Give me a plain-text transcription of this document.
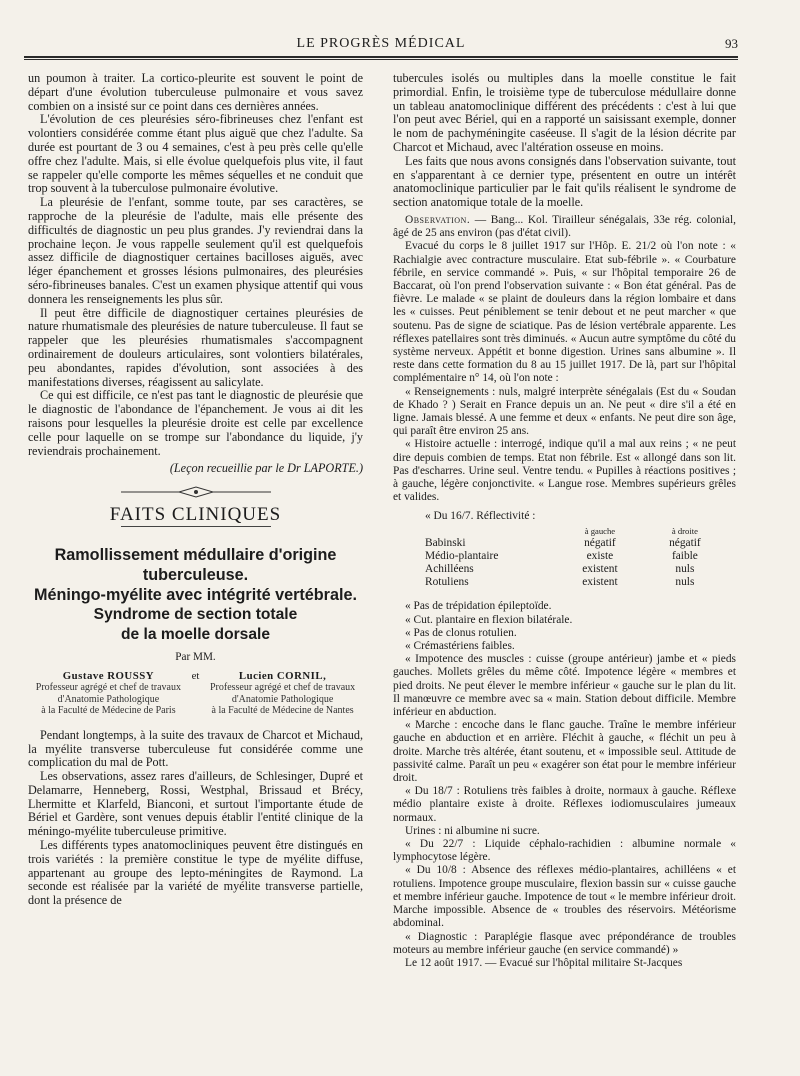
LE PROGRÈS MÉDICAL	93

un poumon à traiter. La cortico-pleurite est souvent le point de départ d'une évolution tuberculeuse pulmonaire et vous savez combien on a insisté sur ce point dans ces dernières années.

L'évolution de ces pleurésies séro-fibrineuses chez l'enfant est volontiers considérée comme étant plus aiguë que chez l'adulte. Sa durée est pourtant de 3 ou 4 semaines, c'est à peu près celle qu'elle offre chez l'adulte. Mais, si elle évolue quelquefois plus vite, il faut se rappeler qu'elle comporte les mêmes séquelles et ne conduit que trop souvent à la tuberculose pulmonaire évolutive.

La pleurésie de l'enfant, somme toute, par ses caractères, se rapproche de la pleurésie de l'adulte, mais elle présente des difficultés de diagnostic un peu plus grandes. J'y reviendrai dans la prochaine leçon. Je vous rappelle seulement qu'il est quelquefois assez difficile de diagnostiquer certaines bacilloses aiguës, avec léger épanchement et grosses lésions pulmonaires, des pleurésies séro-fibrineuses banales. C'est un examen physique attentif qui vous donnera les renseignements les plus sûr.

Il peut être difficile de diagnostiquer certaines pleurésies de nature rhumatismale des pleurésies de nature tuberculeuse. Il faut se rappeler que les pleurésies rhumatismales s'accompagnent ordinairement de douleurs articulaires, sont volontiers bilatérales, peu abondantes, rapides d'évolution, sont associées à des manifestations diverses, réagissent au salicylate.

Ce qui est difficile, ce n'est pas tant le diagnostic de pleurésie que le diagnostic de l'abondance de l'épanchement. Je vous ai dit les raisons pour lesquelles la pleurésie droite est celle par excellence celle pour laquelle on se trompe sur l'abondance du liquide, j'y reviendrais prochainement.

(Leçon recueillie par le Dr LAPORTE.)

FAITS CLINIQUES
Ramollissement médullaire d'origine
tuberculeuse.
Méningo-myélite avec intégrité vertébrale.
Syndrome de section totale
de la moelle dorsale
Par MM.
Gustave ROUSSY
Professeur agrégé et chef de travaux
d'Anatomie Pathologique
à la Faculté de Médecine de Paris
et	Lucien CORNIL,
Professeur agrégé et chef de travaux
d'Anatomie Pathologique
à la Faculté de Médecine de Nantes

Pendant longtemps, à la suite des travaux de Charcot et Michaud, la myélite transverse tuberculeuse fut considérée comme une complication du mal de Pott.

Les observations, assez rares d'ailleurs, de Schlesinger, Dupré et Delamarre, Henneberg, Rossi, Westphal, Brissaud et Brécy, Lhermitte et Klarfeld, Bianconi, et surtout l'importante étude de Bériel et Gardère, sont venues depuis établir l'entité clinique de la méningo-myélite tuberculeuse primitive.

Les différents types anatomocliniques peuvent être distingués en trois variétés : la première constitue le type de myélite diffuse, appartenant au groupe des lepto-méningites de Raymond. La seconde est réalisée par la variété de myélite transverse partielle, dont la présence de

tubercules isolés ou multiples dans la moelle constitue le fait primordial. Enfin, le troisième type de tuberculose médullaire donne un tableau anatomoclinique différent des précédents : c'est à lui que l'on peut avec Bériel, qui en a rapporté un saisissant exemple, donner le nom de pachyméningite caséeuse. Il s'agit de la lésion décrite par Charcot et Michaud, avec l'altération osseuse en moins.

Les faits que nous avons consignés dans l'observation suivante, tout en s'apparentant à ce dernier type, présentent en outre un intérêt anatomoclinique particulier par le fait qu'ils réalisent le syndrome de section anatomique totale de la moelle.

Observation. — Bang... Kol. Tirailleur sénégalais, 33e rég. colonial, âgé de 25 ans environ (pas d'état civil).

Evacué du corps le 8 juillet 1917 sur l'Hôp. E. 21/2 où l'on note : « Rachialgie avec contracture musculaire. Etat sub-fébrile ». « Courbature fébrile, en service commandé ». Puis, « sur l'hôpital temporaire 26 de Baccarat, où l'on prend l'observation suivante : « Bon état général. Pas de fièvre. Le malade « se plaint de douleurs dans la région lombaire et dans les « cuisses. Peut péniblement se tenir debout et ne peut marcher « que soutenu. Pas de signe de sciatique. Pas de lésion vertébrale apparente. Les réflexes patellaires sont très diminués. « Aucun autre symptôme du côté du système nerveux. Appétit et bonne digestion. Urines sans albumine ». Il reste dans cette formation du 8 au 15 juillet 1917. De là, part sur l'hôpital complémentaire n° 14, où l'on note :

« Renseignements : nuls, malgré interprète sénégalais (Est du « Soudan de Khado ? ) Serait en France depuis un an. Ne peut « dire s'il a été en ligne. Jamais blessé. A une femme et deux « enfants. Ne peut dire son âge, qui paraît être environ 25 ans.

« Histoire actuelle : interrogé, indique qu'il a mal aux reins ; « ne peut dire depuis combien de temps. Etat non fébrile. Est « allongé dans son lit. Pas d'escharres. Urine seul. Ventre tendu. « Pupilles à réactions positives ; à gauche, légère conjonctivite. « Langue rose. Membres supérieurs grêles et valides.

« Du 16/7. Réflectivité :
	à gauche	à droite
Babinski	négatif	négatif
Médio-plantaire	existe	faible
Achilléens	existent	nuls
Rotuliens	existent	nuls

« Pas de trépidation épileptoïde.

« Cut. plantaire en flexion bilatérale.

« Pas de clonus rotulien.

« Crémastériens faibles.

« Impotence des muscles : cuisse (groupe antérieur) jambe et « pieds gauches. Mollets grêles du même côté. Impotence légère « membres et pied droits. Ne peut élever le membre inférieur « gauche sur le plan du lit. Il manœuvre ce membre avec sa « main. Station debout difficile. Membre inférieur en abduction.

« Marche : encoche dans le flanc gauche. Traîne le membre inférieur gauche en abduction et en arrière. Fléchit à gauche, « fléchit un peu à droite. Marche très altérée, étant soutenu, et « impossible seul. Attitude de passivité calme. Paraît un peu « exagérer son état pour le membre inférieur droit.

« Du 18/7 : Rotuliens très faibles à droite, normaux à gauche. Réflexe médio plantaire existe à droite. Réflexes iodiomusculaires jumeaux normaux.

Urines : ni albumine ni sucre.

« Du 22/7 : Liquide céphalo-rachidien : albumine normale « lymphocytose légère.

« Du 10/8 : Absence des réflexes médio-plantaires, achilléens « et rotuliens. Impotence groupe musculaire, flexion bassin sur « cuisse gauche et membre inférieur gauche. Impotence de tout « le membre inférieur droit. Marche impossible. Absence de « troubles des réservoirs. Météorisme abdominal.

« Diagnostic : Paraplégie flasque avec prépondérance de troubles moteurs au membre inférieur gauche (en service commandé) »

Le 12 août 1917. — Evacué sur l'hôpital militaire St-Jacques
